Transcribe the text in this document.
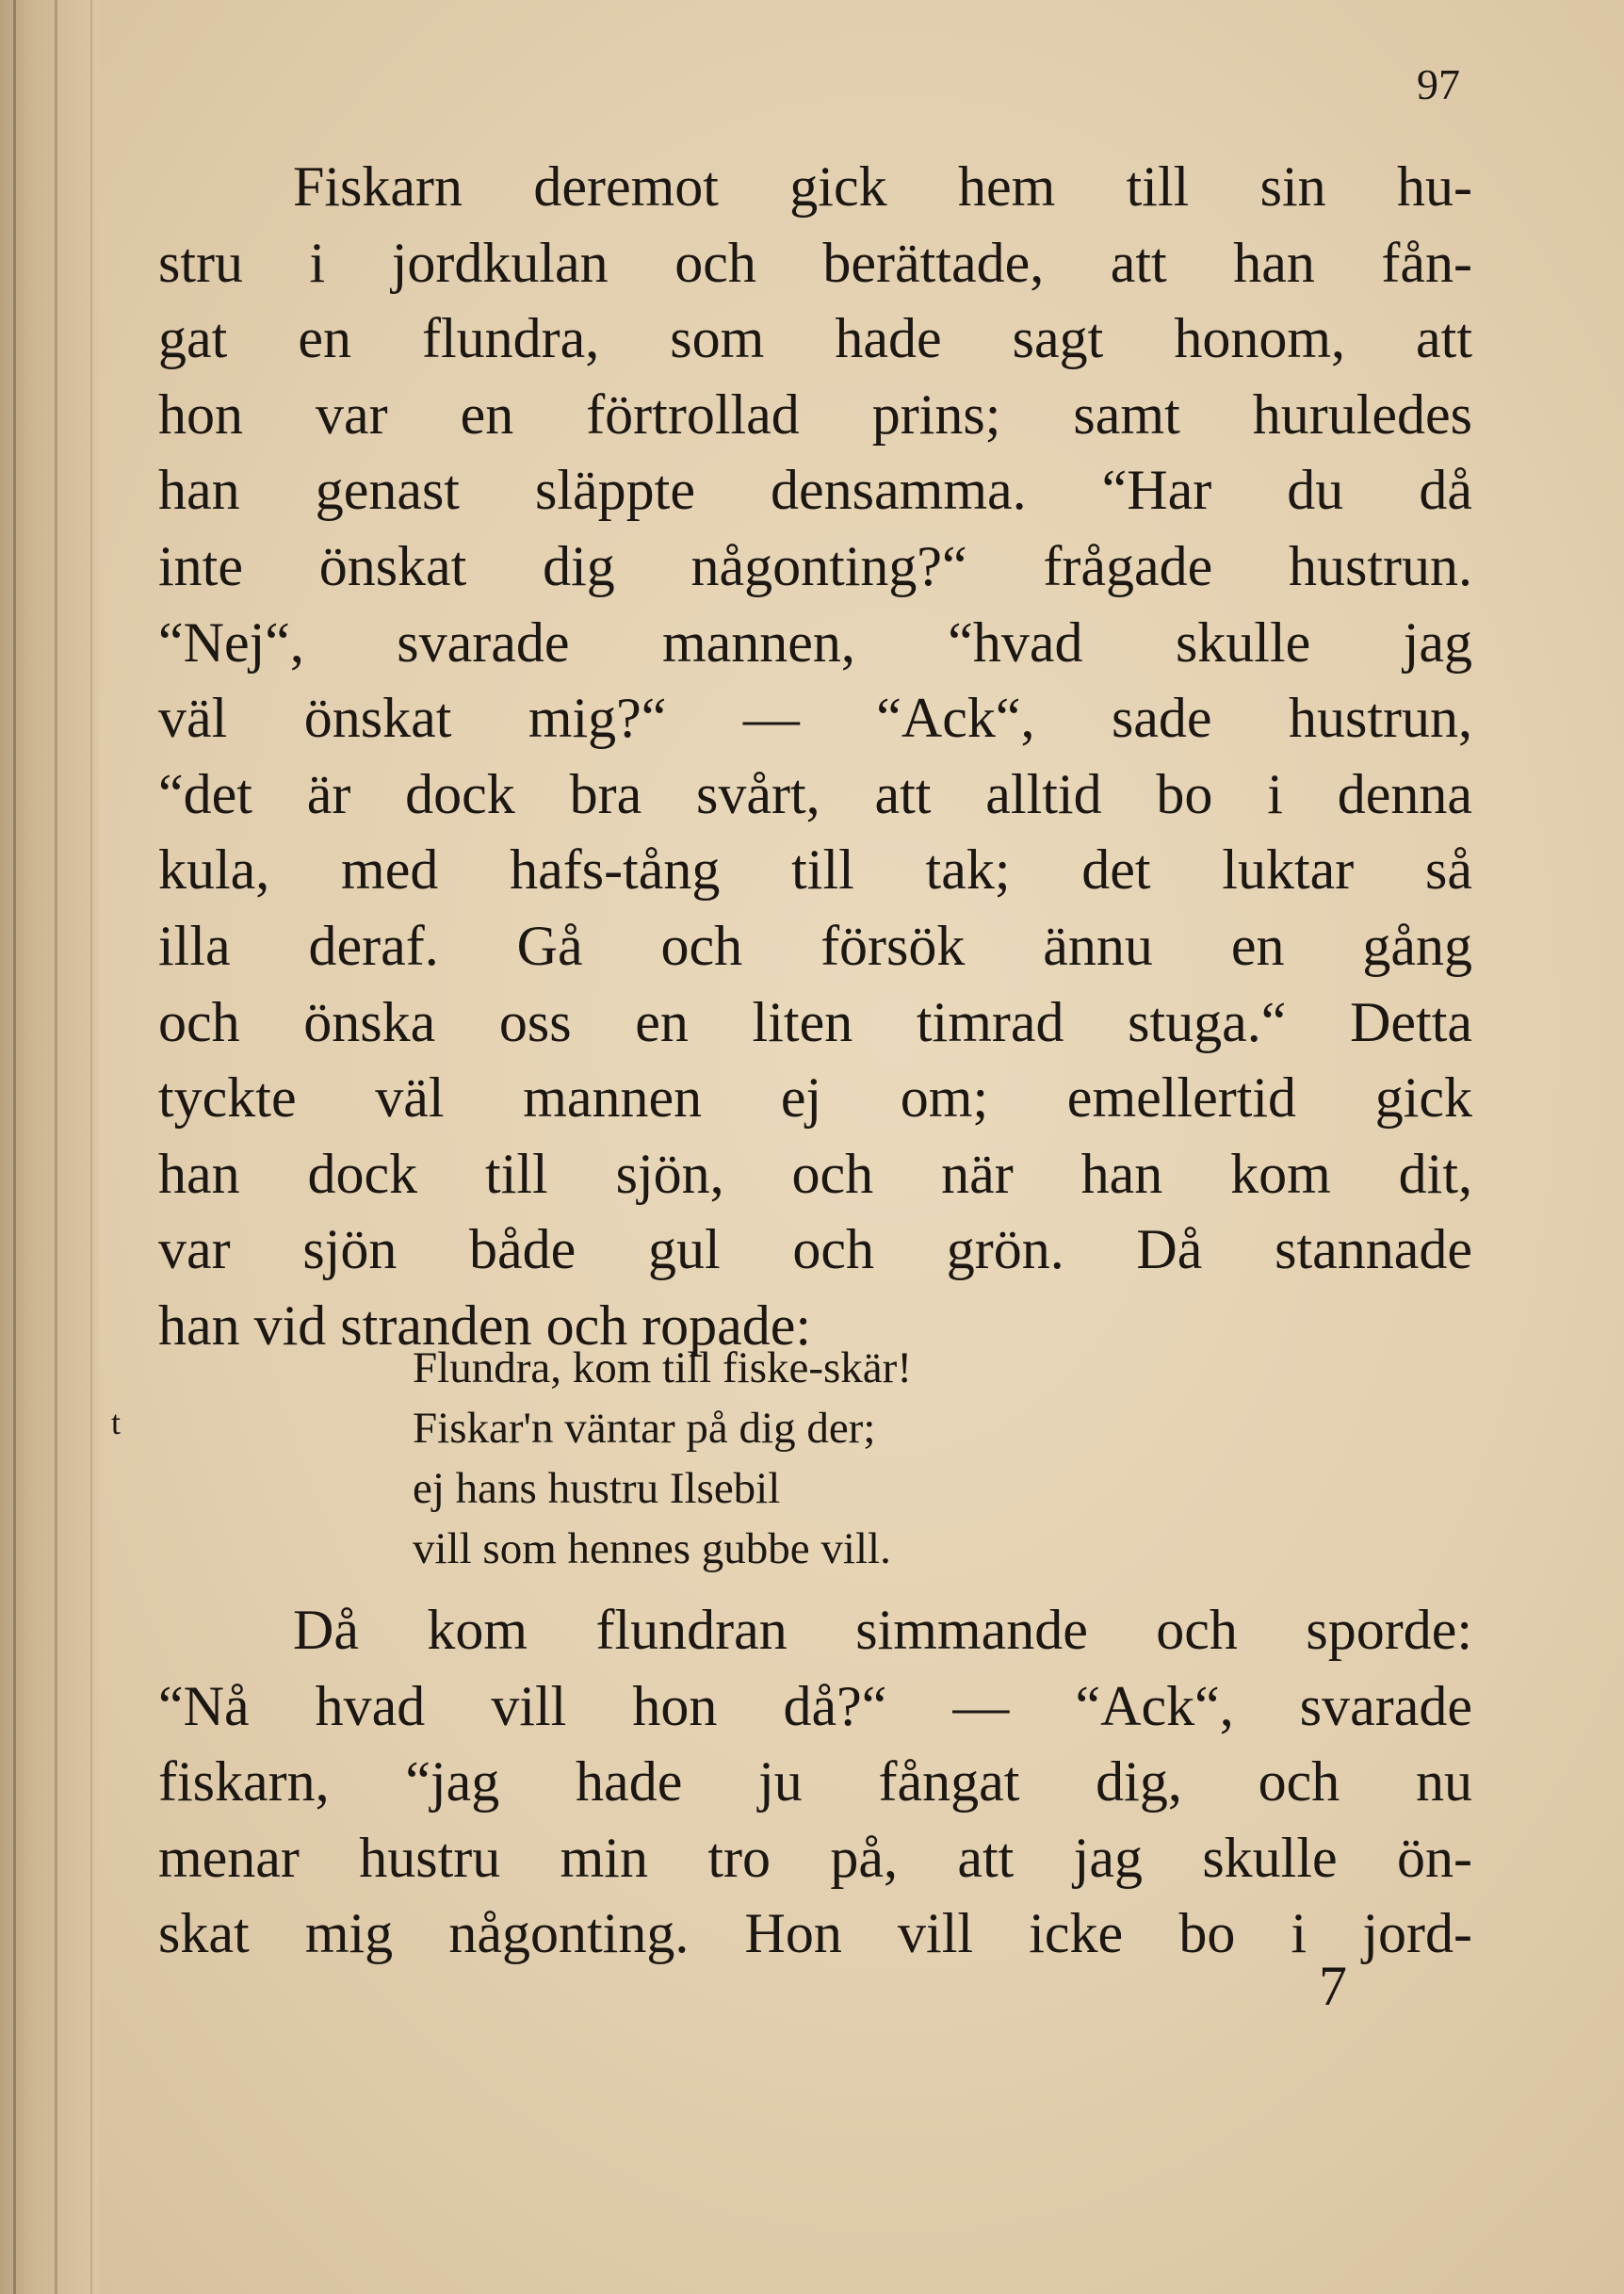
97
Fiskarn deremot gick hem till sin hu-
stru i jordkulan och berättade, att han fån-
gat en flundra, som hade sagt honom, att
hon var en förtrollad prins; samt huruledes
han genast släppte densamma. “Har du då
inte önskat dig någonting?“ frågade hustrun.
“Nej“, svarade mannen, “hvad skulle jag
väl önskat mig?“ — “Ack“, sade hustrun,
“det är dock bra svårt, att alltid bo i denna
kula, med hafs-tång till tak; det luktar så
illa deraf. Gå och försök ännu en gång
och önska oss en liten timrad stuga.“ Detta
tyckte väl mannen ej om; emellertid gick
han dock till sjön, och när han kom dit,
var sjön både gul och grön. Då stannade
han vid stranden och ropade:
t
Flundra, kom till fiske-skär!
Fiskar'n väntar på dig der;
ej hans hustru Ilsebil
vill som hennes gubbe vill.
Då kom flundran simmande och sporde:
“Nå hvad vill hon då?“ — “Ack“, svarade
fiskarn, “jag hade ju fångat dig, och nu
menar hustru min tro på, att jag skulle ön-
skat mig någonting. Hon vill icke bo i jord-
7
